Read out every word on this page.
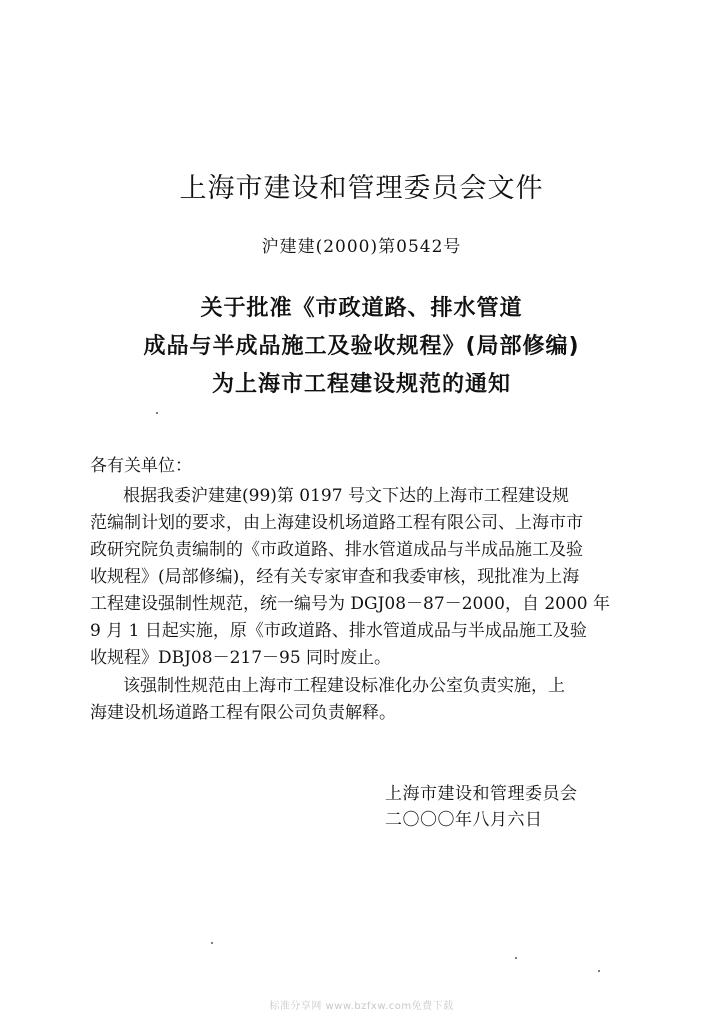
上海市建设和管理委员会文件
沪建建(2000)第0542号
关于批准《市政道路、排水管道
成品与半成品施工及验收规程》(局部修编)
为上海市工程建设规范的通知
各有关单位：
根据我委沪建建(99)第 0197 号文下达的上海市工程建设规
范编制计划的要求，由上海建设机场道路工程有限公司、上海市市
政研究院负责编制的《市政道路、排水管道成品与半成品施工及验
收规程》(局部修编)，经有关专家审查和我委审核，现批准为上海
工程建设强制性规范，统一编号为 DGJ08－87－2000，自 2000 年
9 月 1 日起实施，原《市政道路、排水管道成品与半成品施工及验
收规程》DBJ08－217－95 同时废止。
该强制性规范由上海市工程建设标准化办公室负责实施，上
海建设机场道路工程有限公司负责解释。
上海市建设和管理委员会
二〇〇〇年八月六日
标准分享网 www.bzfxw.com免费下载
